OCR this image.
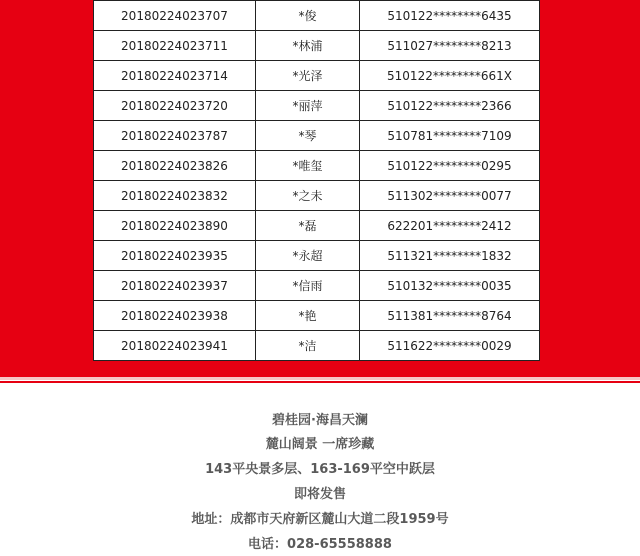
20180224023707	*俊	510122********6435
20180224023711	*林浦	511027********8213
20180224023714	*光泽	510122********661X
20180224023720	*丽萍	510122********2366
20180224023787	*琴	510781********7109
20180224023826	*唯玺	510122********0295
20180224023832	*之未	511302********0077
20180224023890	*磊	622201********2412
20180224023935	*永超	511321********1832
20180224023937	*信雨	510132********0035
20180224023938	*艳	511381********8764
20180224023941	*洁	511622********0029
碧桂园·海昌天澜
麓山阔景 一席珍藏
143平央景多层、163-169平空中跃层
即将发售
地址：成都市天府新区麓山大道二段1959号
电话：028-65558888
